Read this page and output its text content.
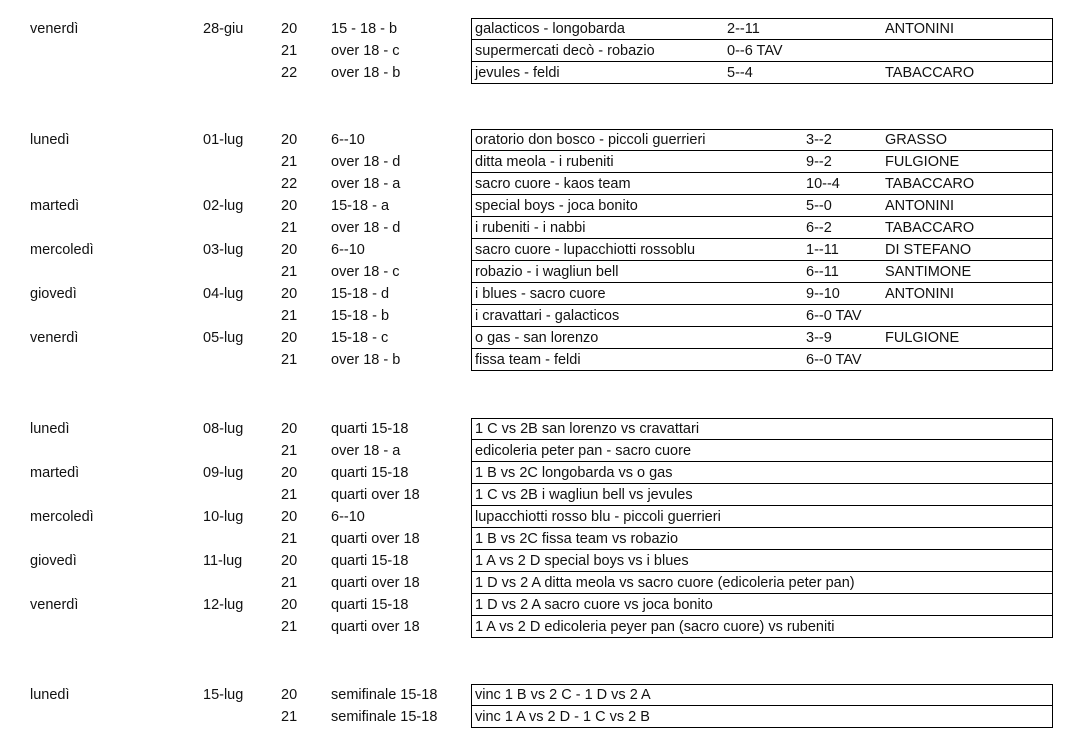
venerdì	28-giu	20 15 - 18 - b	galacticos - longobarda	2--11	ANTONINI
21 over 18 - c	supermercati decò - robazio	0--6 TAV
22 over 18 - b	jevules - feldi	5--4	TABACCARO
lunedì	01-lug	20 6--10	oratorio don bosco - piccoli guerrieri	3--2	GRASSO
21 over 18 - d	ditta meola - i rubeniti	9--2	FULGIONE
22 over 18 - a	sacro cuore - kaos team	10--4	TABACCARO
martedì	02-lug	20 15-18 - a	special boys - joca bonito	5--0	ANTONINI
21 over 18 - d	i rubeniti - i nabbi	6--2	TABACCARO
mercoledì	03-lug	20 6--10	sacro cuore - lupacchiotti rossoblu	1--11	DI STEFANO
21 over 18 - c	robazio - i wagliun bell	6--11	SANTIMONE
giovedì	04-lug	20 15-18 - d	i blues - sacro cuore	9--10	ANTONINI
21 15-18 - b	i cravattari - galacticos	6--0 TAV
venerdì	05-lug	20 15-18 - c	o gas - san lorenzo	3--9	FULGIONE
21 over 18 - b	fissa team - feldi	6--0 TAV
lunedì	08-lug	20 quarti 15-18	1 C vs 2B san lorenzo vs cravattari
21 over 18 - a	edicoleria peter pan - sacro cuore
martedì	09-lug	20 quarti 15-18	1 B vs 2C longobarda vs o gas
21 quarti over 18	1 C vs 2B i wagliun bell vs jevules
mercoledì	10-lug	20 6--10	lupacchiotti rosso blu - piccoli guerrieri
21 quarti over 18	1 B vs 2C fissa team vs robazio
giovedì	11-lug	20 quarti 15-18	1 A vs 2 D special boys vs i blues
21 quarti over 18	1 D vs 2 A ditta meola vs sacro cuore (edicoleria peter pan)
venerdì	12-lug	20 quarti 15-18	1 D vs 2 A sacro cuore vs joca bonito
21 quarti over 18	1 A vs 2 D edicoleria peyer pan (sacro cuore) vs rubeniti
lunedì	15-lug	20 semifinale 15-18	vinc 1 B vs 2 C - 1 D vs 2 A
21 semifinale 15-18	vinc 1 A vs 2 D - 1 C vs 2 B
